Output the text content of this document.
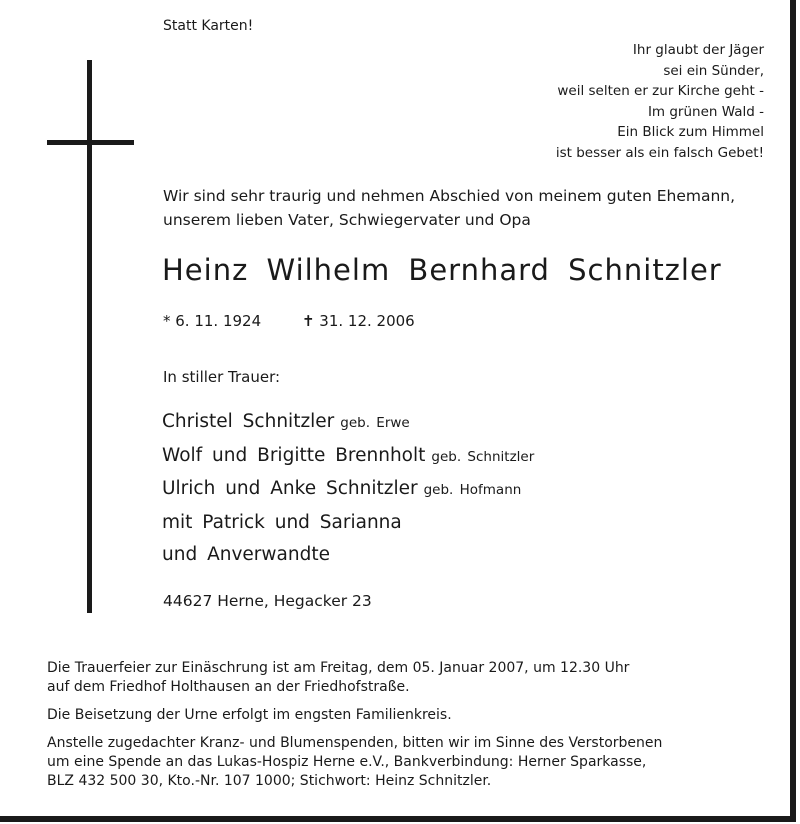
Statt Karten!
Ihr glaubt der Jäger
sei ein Sünder,
weil selten er zur Kirche geht -
Im grünen Wald -
Ein Blick zum Himmel
ist besser als ein falsch Gebet!
Wir sind sehr traurig und nehmen Abschied von meinem guten Ehemann,
unserem lieben Vater, Schwiegervater und Opa
Heinz Wilhelm Bernhard Schnitzler
* 6. 11. 1924	✝ 31. 12. 2006
In stiller Trauer:
Christel Schnitzler geb. Erwe
Wolf und Brigitte Brennholt geb. Schnitzler
Ulrich und Anke Schnitzler geb. Hofmann
mit Patrick und Sarianna
und Anverwandte
44627 Herne, Hegacker 23
Die Trauerfeier zur Einäschrung ist am Freitag, dem 05. Januar 2007, um 12.30 Uhr
auf dem Friedhof Holthausen an der Friedhofstraße.
Die Beisetzung der Urne erfolgt im engsten Familienkreis.
Anstelle zugedachter Kranz- und Blumenspenden, bitten wir im Sinne des Verstorbenen
um eine Spende an das Lukas-Hospiz Herne e.V., Bankverbindung: Herner Sparkasse,
BLZ 432 500 30, Kto.-Nr. 107 1000; Stichwort: Heinz Schnitzler.
